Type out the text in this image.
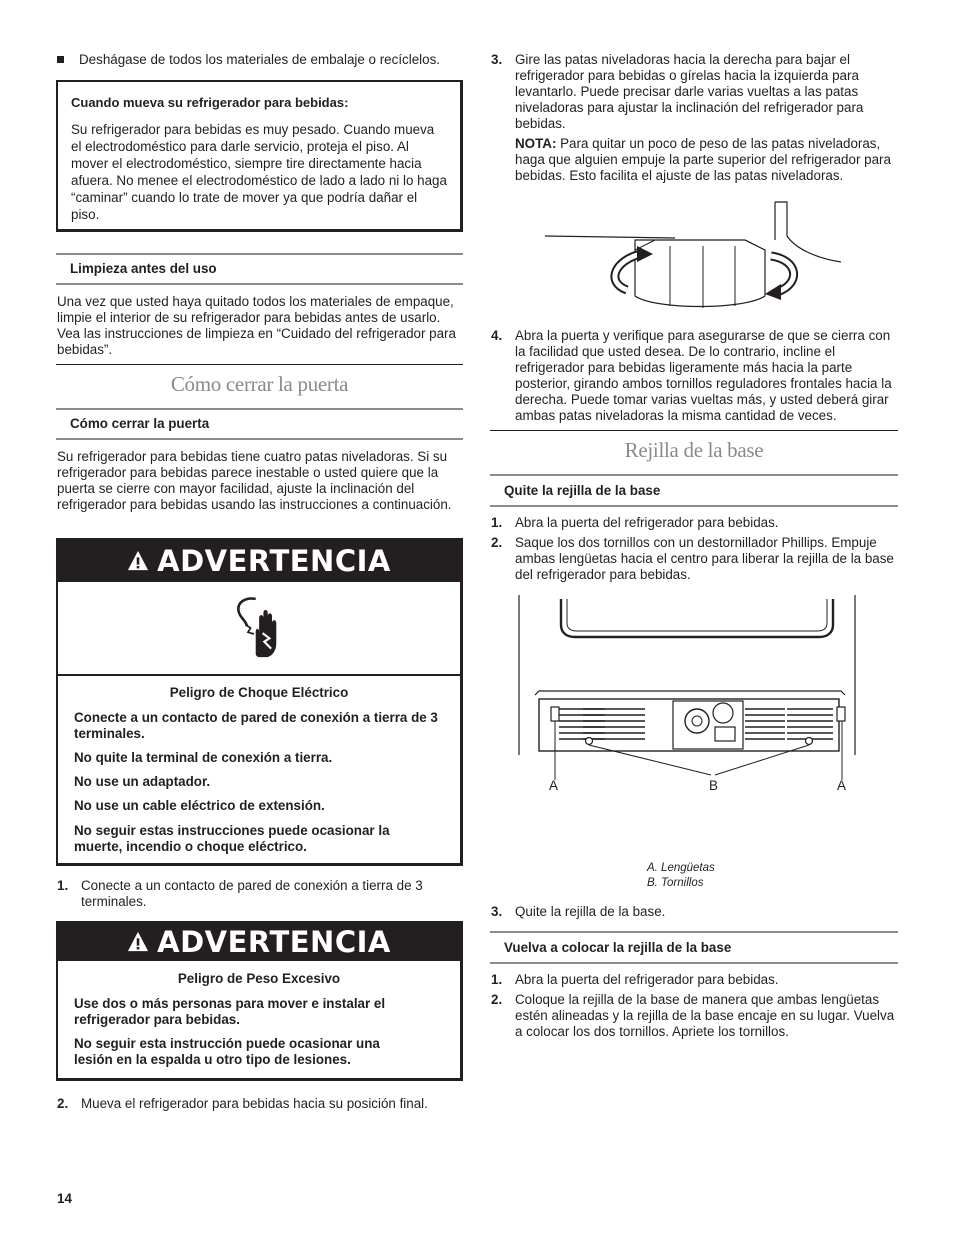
Deshágase de todos los materiales de embalaje o recíclelos.

Cuando mueva su refrigerador para bebidas:

Su refrigerador para bebidas es muy pesado. Cuando mueva el electrodoméstico para darle servicio, proteja el piso. Al mover el electrodoméstico, siempre tire directamente hacia afuera. No menee el electrodoméstico de lado a lado ni lo haga “caminar” cuando lo trate de mover ya que podría dañar el piso.

Limpieza antes del uso

Una vez que usted haya quitado todos los materiales de empaque, limpie el interior de su refrigerador para bebidas antes de usarlo. Vea las instrucciones de limpieza en “Cuidado del refrigerador para bebidas”.

Cómo cerrar la puerta
Cómo cerrar la puerta

Su refrigerador para bebidas tiene cuatro patas niveladoras. Si su refrigerador para bebidas parece inestable o usted quiere que la puerta se cierre con mayor facilidad, ajuste la inclinación del refrigerador para bebidas usando las instrucciones a continuación.

ADVERTENCIA
Peligro de Choque Eléctrico
Conecte a un contacto de pared de conexión a tierra de 3 terminales.
No quite la terminal de conexión a tierra.
No use un adaptador.
No use un cable eléctrico de extensión.
No seguir estas instrucciones puede ocasionar la muerte, incendio o choque eléctrico.
1. Conecte a un contacto de pared de conexión a tierra de 3 terminales.
ADVERTENCIA
Peligro de Peso Excesivo
Use dos o más personas para mover e instalar el refrigerador para bebidas.
No seguir esta instrucción puede ocasionar una lesión en la espalda u otro tipo de lesiones.
2. Mueva el refrigerador para bebidas hacia su posición final.
14
3. Gire las patas niveladoras hacia la derecha para bajar el refrigerador para bebidas o gírelas hacia la izquierda para levantarlo. Puede precisar darle varias vueltas a las patas niveladoras para ajustar la inclinación del refrigerador para bebidas.

NOTA: Para quitar un poco de peso de las patas niveladoras, haga que alguien empuje la parte superior del refrigerador para bebidas. Esto facilita el ajuste de las patas niveladoras.

4. Abra la puerta y verifique para asegurarse de que se cierra con la facilidad que usted desea. De lo contrario, incline el refrigerador para bebidas ligeramente más hacia la parte posterior, girando ambos tornillos reguladores frontales hacia la derecha. Puede tomar varias vueltas más, y usted deberá girar ambas patas niveladoras la misma cantidad de veces.
Rejilla de la base
Quite la rejilla de la base
1. Abra la puerta del refrigerador para bebidas.
2. Saque los dos tornillos con un destornillador Phillips. Empuje ambas lengüetas hacia el centro para liberar la rejilla de la base del refrigerador para bebidas.
A	B	A
A. Lengüetas
B. Tornillos
3. Quite la rejilla de la base.
Vuelva a colocar la rejilla de la base
1. Abra la puerta del refrigerador para bebidas.
2. Coloque la rejilla de la base de manera que ambas lengüetas estén alineadas y la rejilla de la base encaje en su lugar. Vuelva a colocar los dos tornillos. Apriete los tornillos.
